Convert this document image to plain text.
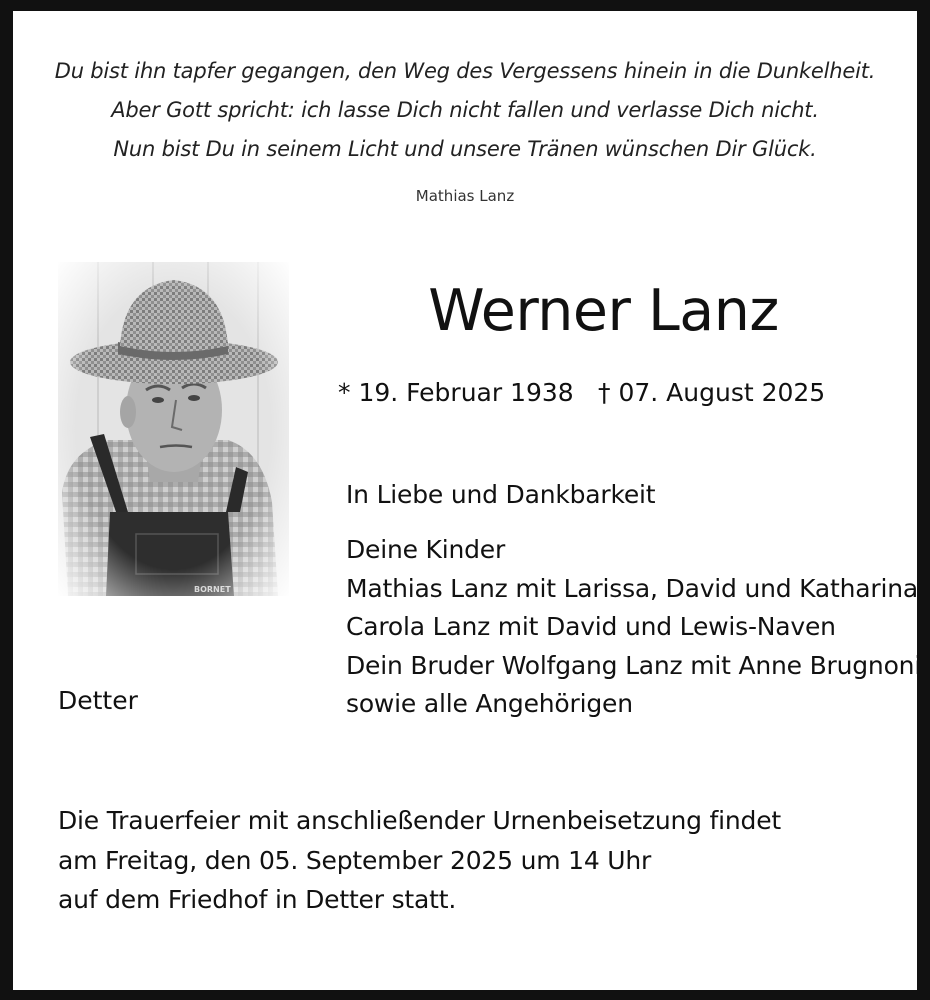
Du bist ihn tapfer gegangen, den Weg des Vergessens hinein in die Dunkelheit.
Aber Gott spricht: ich lasse Dich nicht fallen und verlasse Dich nicht.
Nun bist Du in seinem Licht und unsere Tränen wünschen Dir Glück.
Mathias Lanz
Werner Lanz
* 19. Februar 1938 † 07. August 2025
In Liebe und Dankbarkeit
Deine Kinder
Mathias Lanz mit Larissa, David und Katharina
Carola Lanz mit David und Lewis-Naven
Dein Bruder Wolfgang Lanz mit Anne Brugnoni
sowie alle Angehörigen
Detter
Die Trauerfeier mit anschließender Urnenbeisetzung findet
am Freitag, den 05. September 2025 um 14 Uhr
auf dem Friedhof in Detter statt.
